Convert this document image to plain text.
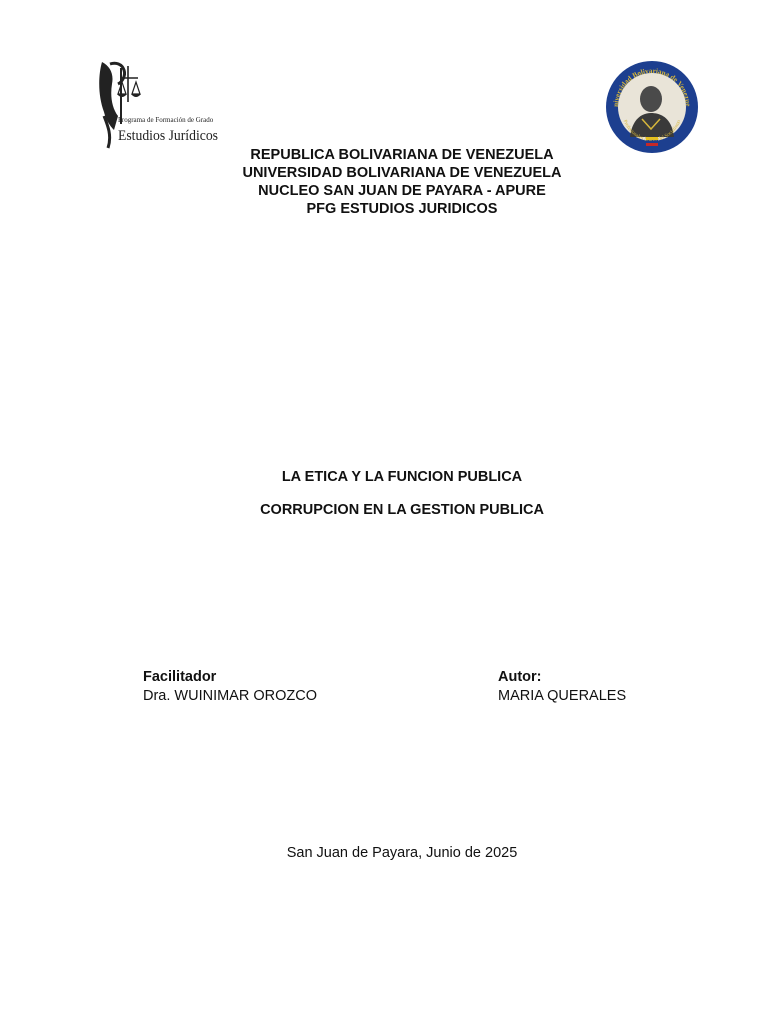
Programa de Formación de Grado
Estudios Jurídicos
niversidad Bolivariana de Venezue
Profesionales Libres del Socialismo
REPUBLICA BOLIVARIANA DE VENEZUELA
UNIVERSIDAD BOLIVARIANA DE VENEZUELA
NUCLEO SAN JUAN DE PAYARA - APURE
PFG ESTUDIOS JURIDICOS
LA ETICA Y LA FUNCION PUBLICA
CORRUPCION EN LA GESTION PUBLICA
Facilitador
Dra. WUINIMAR OROZCO
Autor:
MARIA QUERALES
San Juan de Payara, Junio de 2025
